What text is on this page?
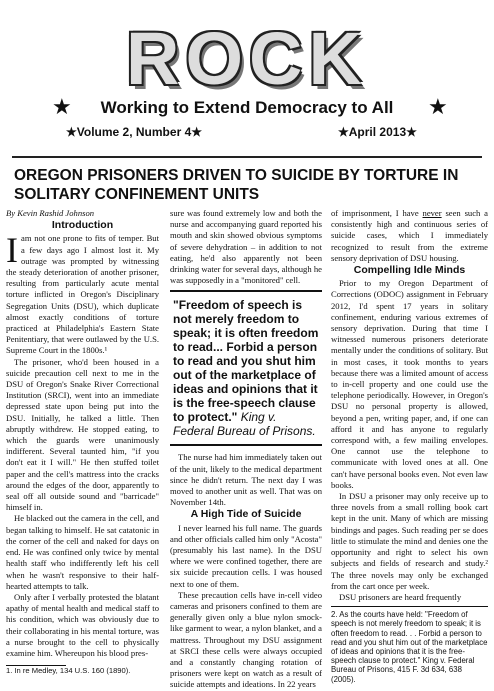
ROCK
★	Working to Extend Democracy to All	★
★Volume 2, Number 4★	★April 2013★
OREGON PRISONERS DRIVEN TO SUICIDE BY TORTURE IN SOLITARY CONFINEMENT UNITS
By Kevin Rashid Johnson
Introduction

Iam not one prone to fits of temper. But a few days ago I almost lost it. My outrage was prompted by witnessing the steady deterioration of another prisoner, resulting from particularly acute mental torture inflicted in Oregon's Disciplinary Segregation Units (DSU), which duplicate almost exactly conditions of torture practiced at Philadelphia's Eastern State Penitentiary, that were outlawed by the U.S. Supreme Court in the 1800s.¹

The prisoner, who'd been housed in a suicide precaution cell next to me in the DSU of Oregon's Snake River Correctional Institution (SRCI), went into an immediate depressed state upon being put into the DSU. Initially, he talked a little. Then abruptly withdrew. He stopped eating, to which the guards were unanimously indifferent. Several taunted him, "if you don't eat it I will." He then stuffed toilet paper and the cell's mattress into the cracks around the edges of the door, apparently to seal off all outside sound and "barricade" himself in.

He blacked out the camera in the cell, and began talking to himself. He sat catatonic in the corner of the cell and naked for days on end. He was confined only twice by mental health staff who indifferently left his cell when he wasn't responsive to their half-hearted attempts to talk.

Only after I verbally protested the blatant apathy of mental health and medical staff to his condition, which was obviously due to their collaborating in his mental torture, was a nurse brought to the cell to physically examine him. Whereupon his blood pres-

1. In re Medley, 134 U.S. 160 (1890).

sure was found extremely low and both the nurse and accompanying guard reported his mouth and skin showed obvious symptoms of severe dehydration – in addition to not eating, he'd also apparently not been drinking water for several days, although he was supposedly in a "monitored" cell.

"Freedom of speech is not merely freedom to speak; it is often freedom to read... Forbid a person to read and you shut him out of the marketplace of ideas and opinions that it is the free-speech clause to protect." King v. Federal Bureau of Prisons.

The nurse had him immediately taken out of the unit, likely to the medical department since he didn't return. The next day I was moved to another unit as well. That was on November 14th.

A High Tide of Suicide

I never learned his full name. The guards and other officials called him only "Acosta" (presumably his last name). In the DSU where we were confined together, there are six suicide precaution cells. I was housed next to one of them.

These precaution cells have in-cell video cameras and prisoners confined to them are generally given only a blue nylon smock-like garment to wear, a nylon blanket, and a mattress. Throughout my DSU assignment at SRCI these cells were always occupied and a constantly changing rotation of prisoners were kept on watch as a result of suicide attempts and ideations. In 22 years

of imprisonment, I have never seen such a consistently high and continuous series of suicide cases, which I immediately recognized to result from the extreme sensory deprivation of DSU housing.

Compelling Idle Minds

Prior to my Oregon Department of Corrections (ODOC) assignment in February 2012, I'd spent 17 years in solitary confinement, enduring various extremes of sensory deprivation. During that time I witnessed numerous prisoners deteriorate mentally under the conditions of solitary. But in most cases, it took months to years because there was a limited amount of access to in-cell property and one could use the telephone periodically. However, in Oregon's DSU no personal property is allowed, beyond a pen, writing paper, and, if one can afford it and has anyone to regularly correspond with, a few mailing envelopes. One cannot use the telephone to communicate with loved ones at all. One can't have personal books even. Not even law books.

In DSU a prisoner may only receive up to three novels from a small rolling book cart kept in the unit. Many of which are missing bindings and pages. Such reading per se does little to stimulate the mind and denies one the opportunity and right to select his own subjects and fields of research and study.² The three novels may only be exchanged from the cart once per week.

DSU prisoners are heard frequently

2. As the courts have held: "Freedom of speech is not merely freedom to speak; it is often freedom to read. . . Forbid a person to read and you shut him out of the marketplace of ideas and opinions that it is the free-speech clause to protect." King v. Federal Bureau of Prisons, 415 F. 3d 634, 638 (2005).
